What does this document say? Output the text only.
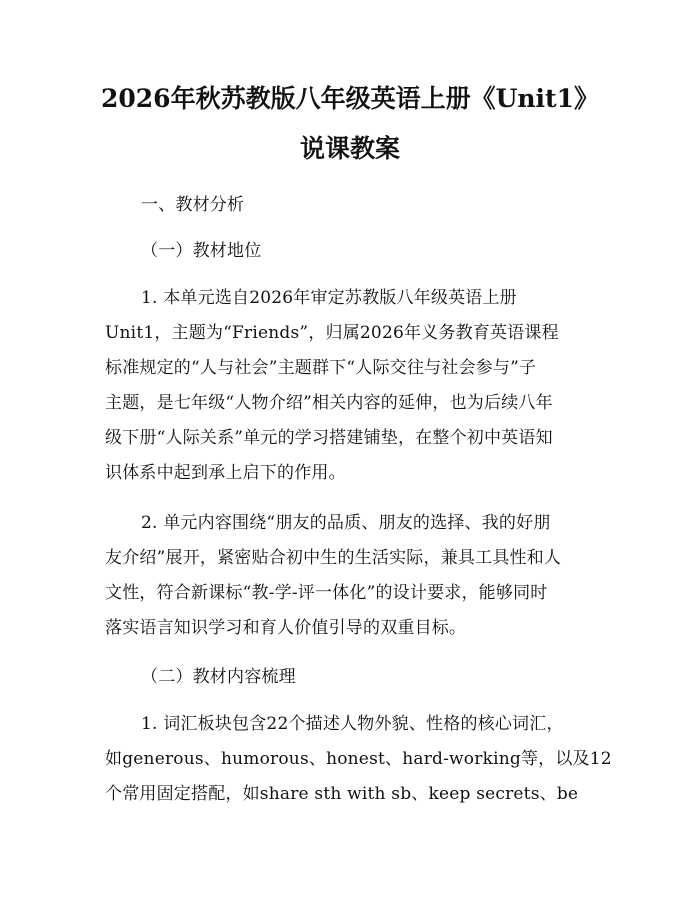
2026年秋苏教版八年级英语上册《Unit1》
说课教案
一、教材分析
（一）教材地位
1. 本单元选自2026年审定苏教版八年级英语上册
Unit1，主题为“Friends”，归属2026年义务教育英语课程
标准规定的“人与社会”主题群下“人际交往与社会参与”子
主题，是七年级“人物介绍”相关内容的延伸，也为后续八年
级下册“人际关系”单元的学习搭建铺垫，在整个初中英语知
识体系中起到承上启下的作用。
2. 单元内容围绕“朋友的品质、朋友的选择、我的好朋
友介绍”展开，紧密贴合初中生的生活实际，兼具工具性和人
文性，符合新课标“教-学-评一体化”的设计要求，能够同时
落实语言知识学习和育人价值引导的双重目标。
（二）教材内容梳理
1. 词汇板块包含22个描述人物外貌、性格的核心词汇，
如generous、humorous、honest、hard-working等，以及12
个常用固定搭配，如share sth with sb、keep secrets、be
